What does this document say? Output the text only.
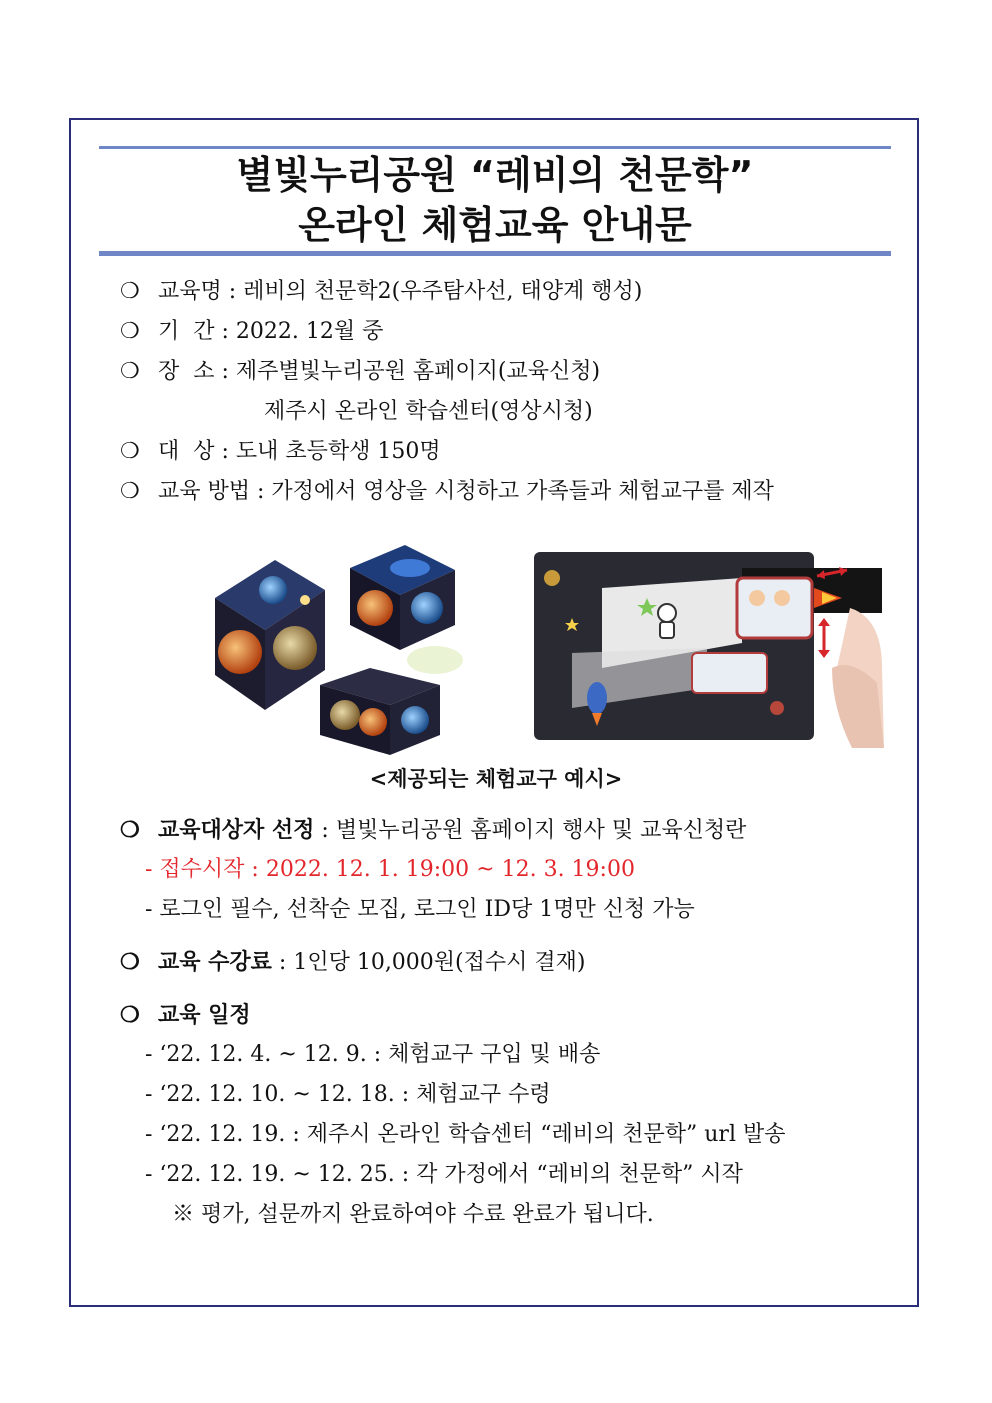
별빛누리공원 “레비의 천문학”
온라인 체험교육 안내문
❍ 교육명 : 레비의 천문학2(우주탐사선, 태양계 행성)
❍ 기  간 : 2022. 12월 중
❍ 장  소 : 제주별빛누리공원 홈페이지(교육신청)
제주시 온라인 학습센터(영상시청)
❍ 대  상 : 도내 초등학생 150명
❍ 교육 방법 : 가정에서 영상을 시청하고 가족들과 체험교구를 제작
<제공되는 체험교구 예시>
❍ 교육대상자 선정 : 별빛누리공원 홈페이지 행사 및 교육신청란
- 접수시작 : 2022. 12. 1. 19:00 ~ 12. 3. 19:00
- 로그인 필수, 선착순 모집, 로그인 ID당 1명만 신청 가능
❍ 교육 수강료 : 1인당 10,000원(접수시 결재)
❍ 교육 일정
- ‘22. 12. 4. ~ 12. 9. : 체험교구 구입 및 배송
- ‘22. 12. 10. ~ 12. 18. : 체험교구 수령
- ‘22. 12. 19. : 제주시 온라인 학습센터 “레비의 천문학” url 발송
- ‘22. 12. 19. ~ 12. 25. : 각 가정에서 “레비의 천문학” 시작
※ 평가, 설문까지 완료하여야 수료 완료가 됩니다.
